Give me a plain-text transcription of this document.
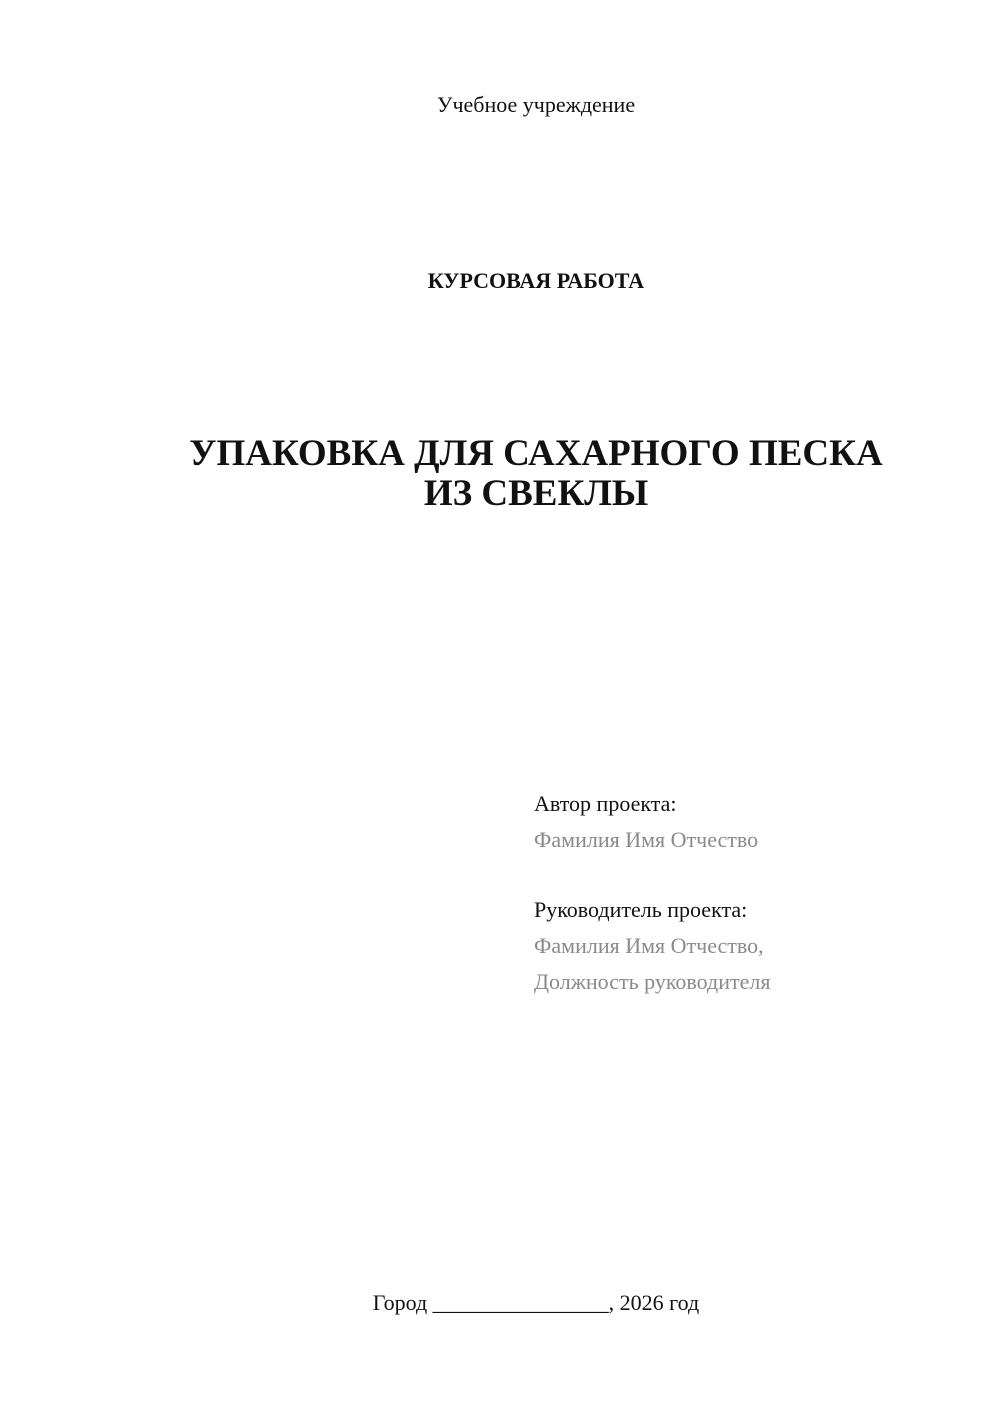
Учебное учреждение
КУРСОВАЯ РАБОТА
УПАКОВКА ДЛЯ САХАРНОГО ПЕСКА
ИЗ СВЕКЛЫ
Автор проекта:
Фамилия Имя Отчество
Руководитель проекта:
Фамилия Имя Отчество,
Должность руководителя
Город ________________, 2026 год
